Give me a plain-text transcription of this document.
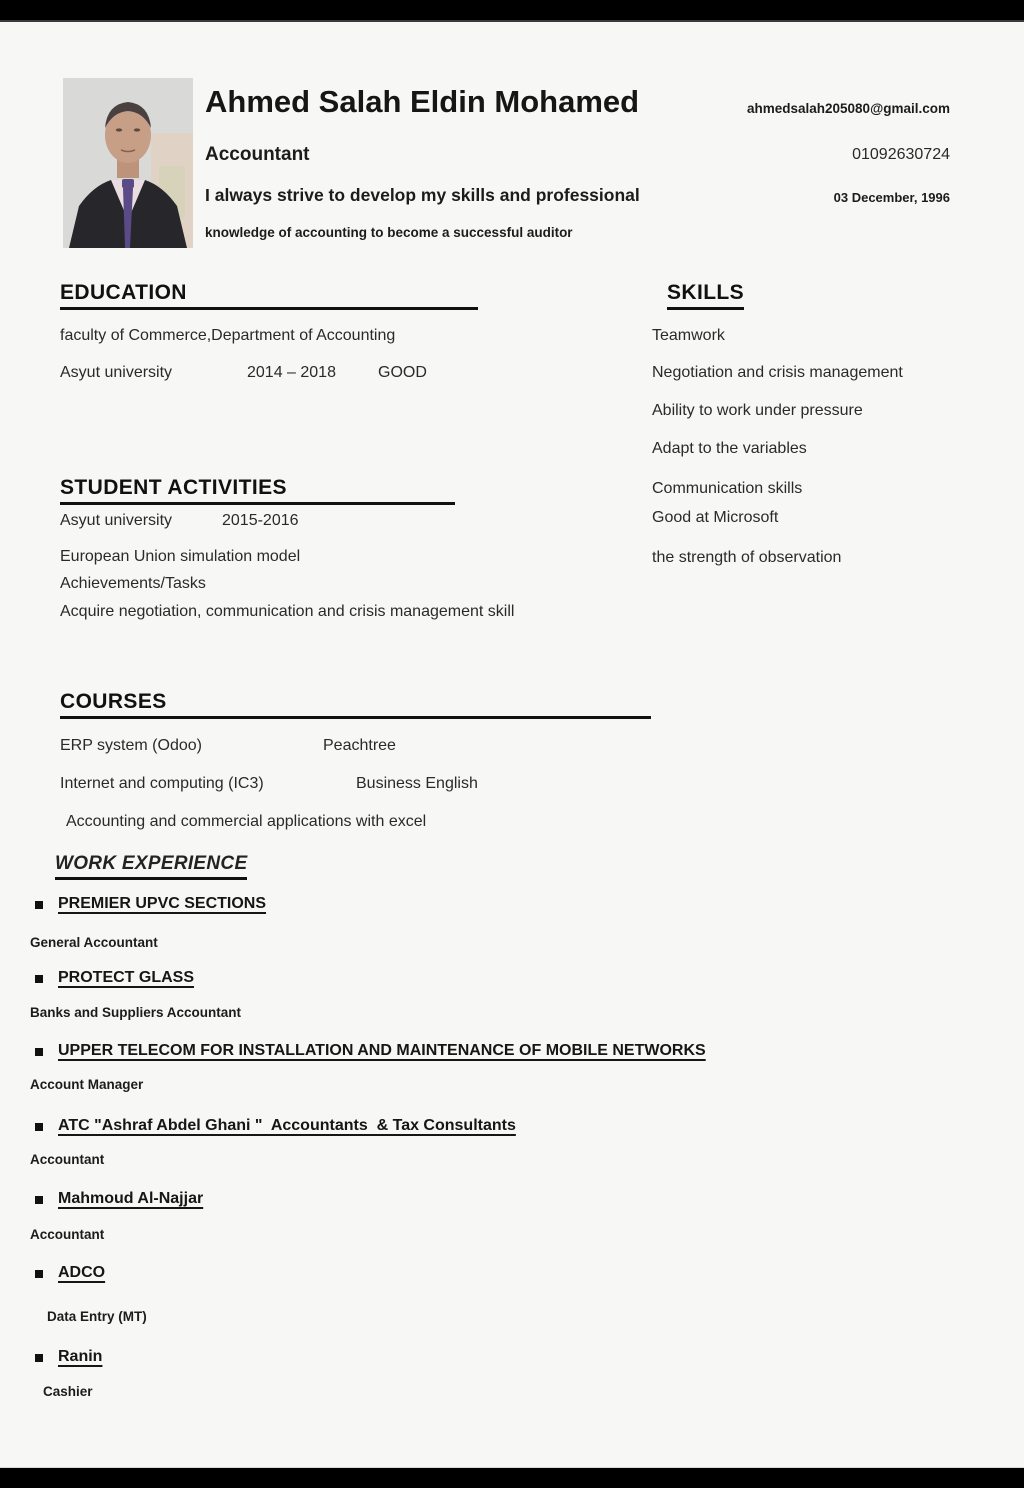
Ahmed Salah Eldin Mohamed
Accountant
I always strive to develop my skills and professional
knowledge of accounting to become a successful auditor
ahmedsalah205080@gmail.com
01092630724
03 December, 1996
EDUCATION
faculty of Commerce,Department of Accounting
Asyut university	2014 – 2018	GOOD
SKILLS
Teamwork
Negotiation and crisis management
Ability to work under pressure
Adapt to the variables
Communication skills
Good at Microsoft
the strength of observation
STUDENT ACTIVITIES
Asyut university	2015-2016
European Union simulation model
Achievements/Tasks
Acquire negotiation, communication and crisis management skill
COURSES
ERP system (Odoo)	Peachtree
Internet and computing (IC3)	Business English
Accounting and commercial applications with excel
WORK EXPERIENCE
PREMIER UPVC SECTIONS
General Accountant
PROTECT GLASS
Banks and Suppliers Accountant
UPPER TELECOM FOR INSTALLATION AND MAINTENANCE OF MOBILE NETWORKS
Account Manager
ATC "Ashraf Abdel Ghani "  Accountants  & Tax Consultants
Accountant
Mahmoud Al-Najjar
Accountant
ADCO
Data Entry (MT)
Ranin
Cashier
